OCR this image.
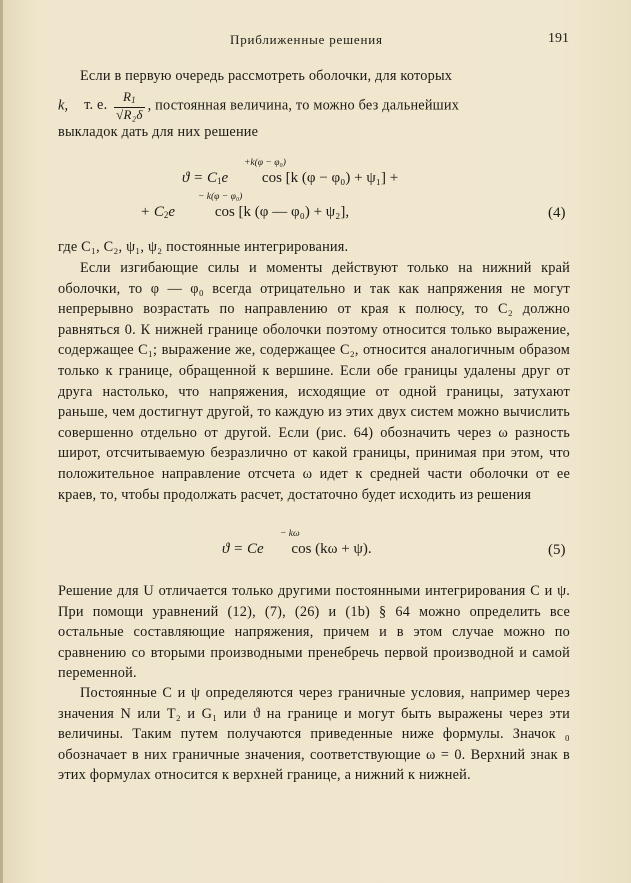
Приближенные решения	191
Если в первую очередь рассмотреть оболочки, для которых
k, т. е. $\frac{R_1}{\text{√R₂δ}}$ , постоянная величина, то можно без дальнейших
выкладок дать для них решение
$ϑ = C_1e$
+k(φ − φ₀)
cos [k (φ − φ₀) + ψ₁] +
+ $C_2e$
− k(φ − φ₀)
cos [k (φ — φ₀) + ψ₂],	(4)
где C₁, C₂, ψ₁, ψ₂ постоянные интегрирования.
Если изгибающие силы и моменты действуют только на нижний край оболочки, то φ — φ₀ всегда отрицательно и так как напряжения не могут непрерывно возрастать по направлению от края к полюсу, то C₂ должно равняться 0. К нижней границе оболочки поэтому относится только выражение, содержащее C₁; выражение же, содержащее C₂, относится аналогичным образом только к границе, обращенной к вершине. Если обе границы удалены друг от друга настолько, что напряжения, исходящие от одной границы, затухают раньше, чем достигнут другой, то каждую из этих двух систем можно вычислить совершенно отдельно от другой. Если (рис. 64) обозначить через ω разность широт, отсчитываемую безразлично от какой границы, принимая при этом, что положительное направление отсчета ω идет к средней части оболочки от ее краев, то, чтобы продолжать расчет, достаточно будет исходить из решения
ϑ = Ce
− kω
cos (kω + ψ).	(5)
Решение для U отличается только другими постоянными интегрирования C и ψ. При помощи уравнений (12), (7), (26) и (1b) § 64 можно определить все остальные составляющие напряжения, причем и в этом случае можно по сравнению со вторыми производными пренебречь первой производной и самой переменной.
Постоянные C и ψ определяются через граничные условия, например через значения N или T₂ и G₁ или ϑ на границе и могут быть выражены через эти величины. Таким путем получаются приведенные ниже формулы. Значок ₀ обозначает в них граничные значения, соответствующие ω = 0. Верхний знак в этих формулах относится к верхней границе, а нижний к нижней.
